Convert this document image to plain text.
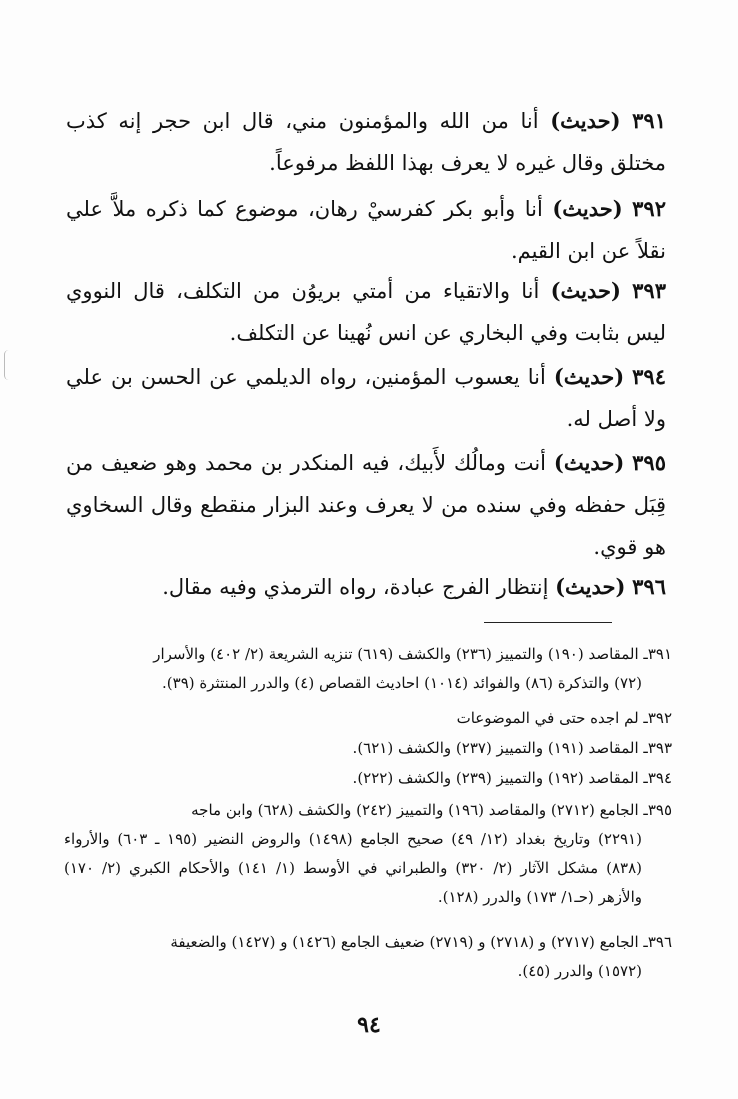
٣٩١ (حديث) أنا من الله والمؤمنون مني، قال ابن حجر إنه كذب مختلق وقال غيره لا يعرف بهذا اللفظ مرفوعاً.
٣٩٢ (حديث) أنا وأبو بكر كفرسيْ رهان، موضوع كما ذكره ملاَّ علي نقلاً عن ابن القيم.
٣٩٣ (حديث) أنا والاتقياء من أمتي بريوُن من التكلف، قال النووي ليس بثابت وفي البخاري عن انس نُهينا عن التكلف.
٣٩٤ (حديث) أنا يعسوب المؤمنين، رواه الديلمي عن الحسن بن علي ولا أصل له.
٣٩٥ (حديث) أنت ومالُك لأَبيك، فيه المنكدر بن محمد وهو ضعيف من قِبَل حفظه وفي سنده من لا يعرف وعند البزار منقطع وقال السخاوي هو قوي.
٣٩٦ (حديث) إنتظار الفرج عبادة، رواه الترمذي وفيه مقال.
٣٩١ـ المقاصد (١٩٠) والتمييز (٢٣٦) والكشف (٦١٩) تنزيه الشريعة (٢/ ٤٠٢) والأسرار
(٧٢) والتذكرة (٨٦) والفوائد (١٠١٤) احاديث القصاص (٤) والدرر المنتثرة (٣٩).
٣٩٢ـ لم اجده حتى في الموضوعات
٣٩٣ـ المقاصد (١٩١) والتمييز (٢٣٧) والكشف (٦٢١).
٣٩٤ـ المقاصد (١٩٢) والتمييز (٢٣٩) والكشف (٢٢٢).
٣٩٥ـ الجامع (٢٧١٢) والمقاصد (١٩٦) والتمييز (٢٤٢) والكشف (٦٢٨) وابن ماجه
(٢٢٩١) وتاريخ بغداد (١٢/ ٤٩) صحيح الجامع (١٤٩٨) والروض النضير (١٩٥ ـ ٦٠٣) والأرواء (٨٣٨) مشكل الآثار (٢/ ٣٢٠) والطبراني في الأوسط (١/ ١٤١) والأحكام الكبري (٢/ ١٧٠) والأزهر (حـ١/ ١٧٣) والدرر (١٢٨).
٣٩٦ـ الجامع (٢٧١٧) و (٢٧١٨) و (٢٧١٩) ضعيف الجامع (١٤٢٦) و (١٤٢٧) والضعيفة
(١٥٧٢) والدرر (٤٥).
٩٤
